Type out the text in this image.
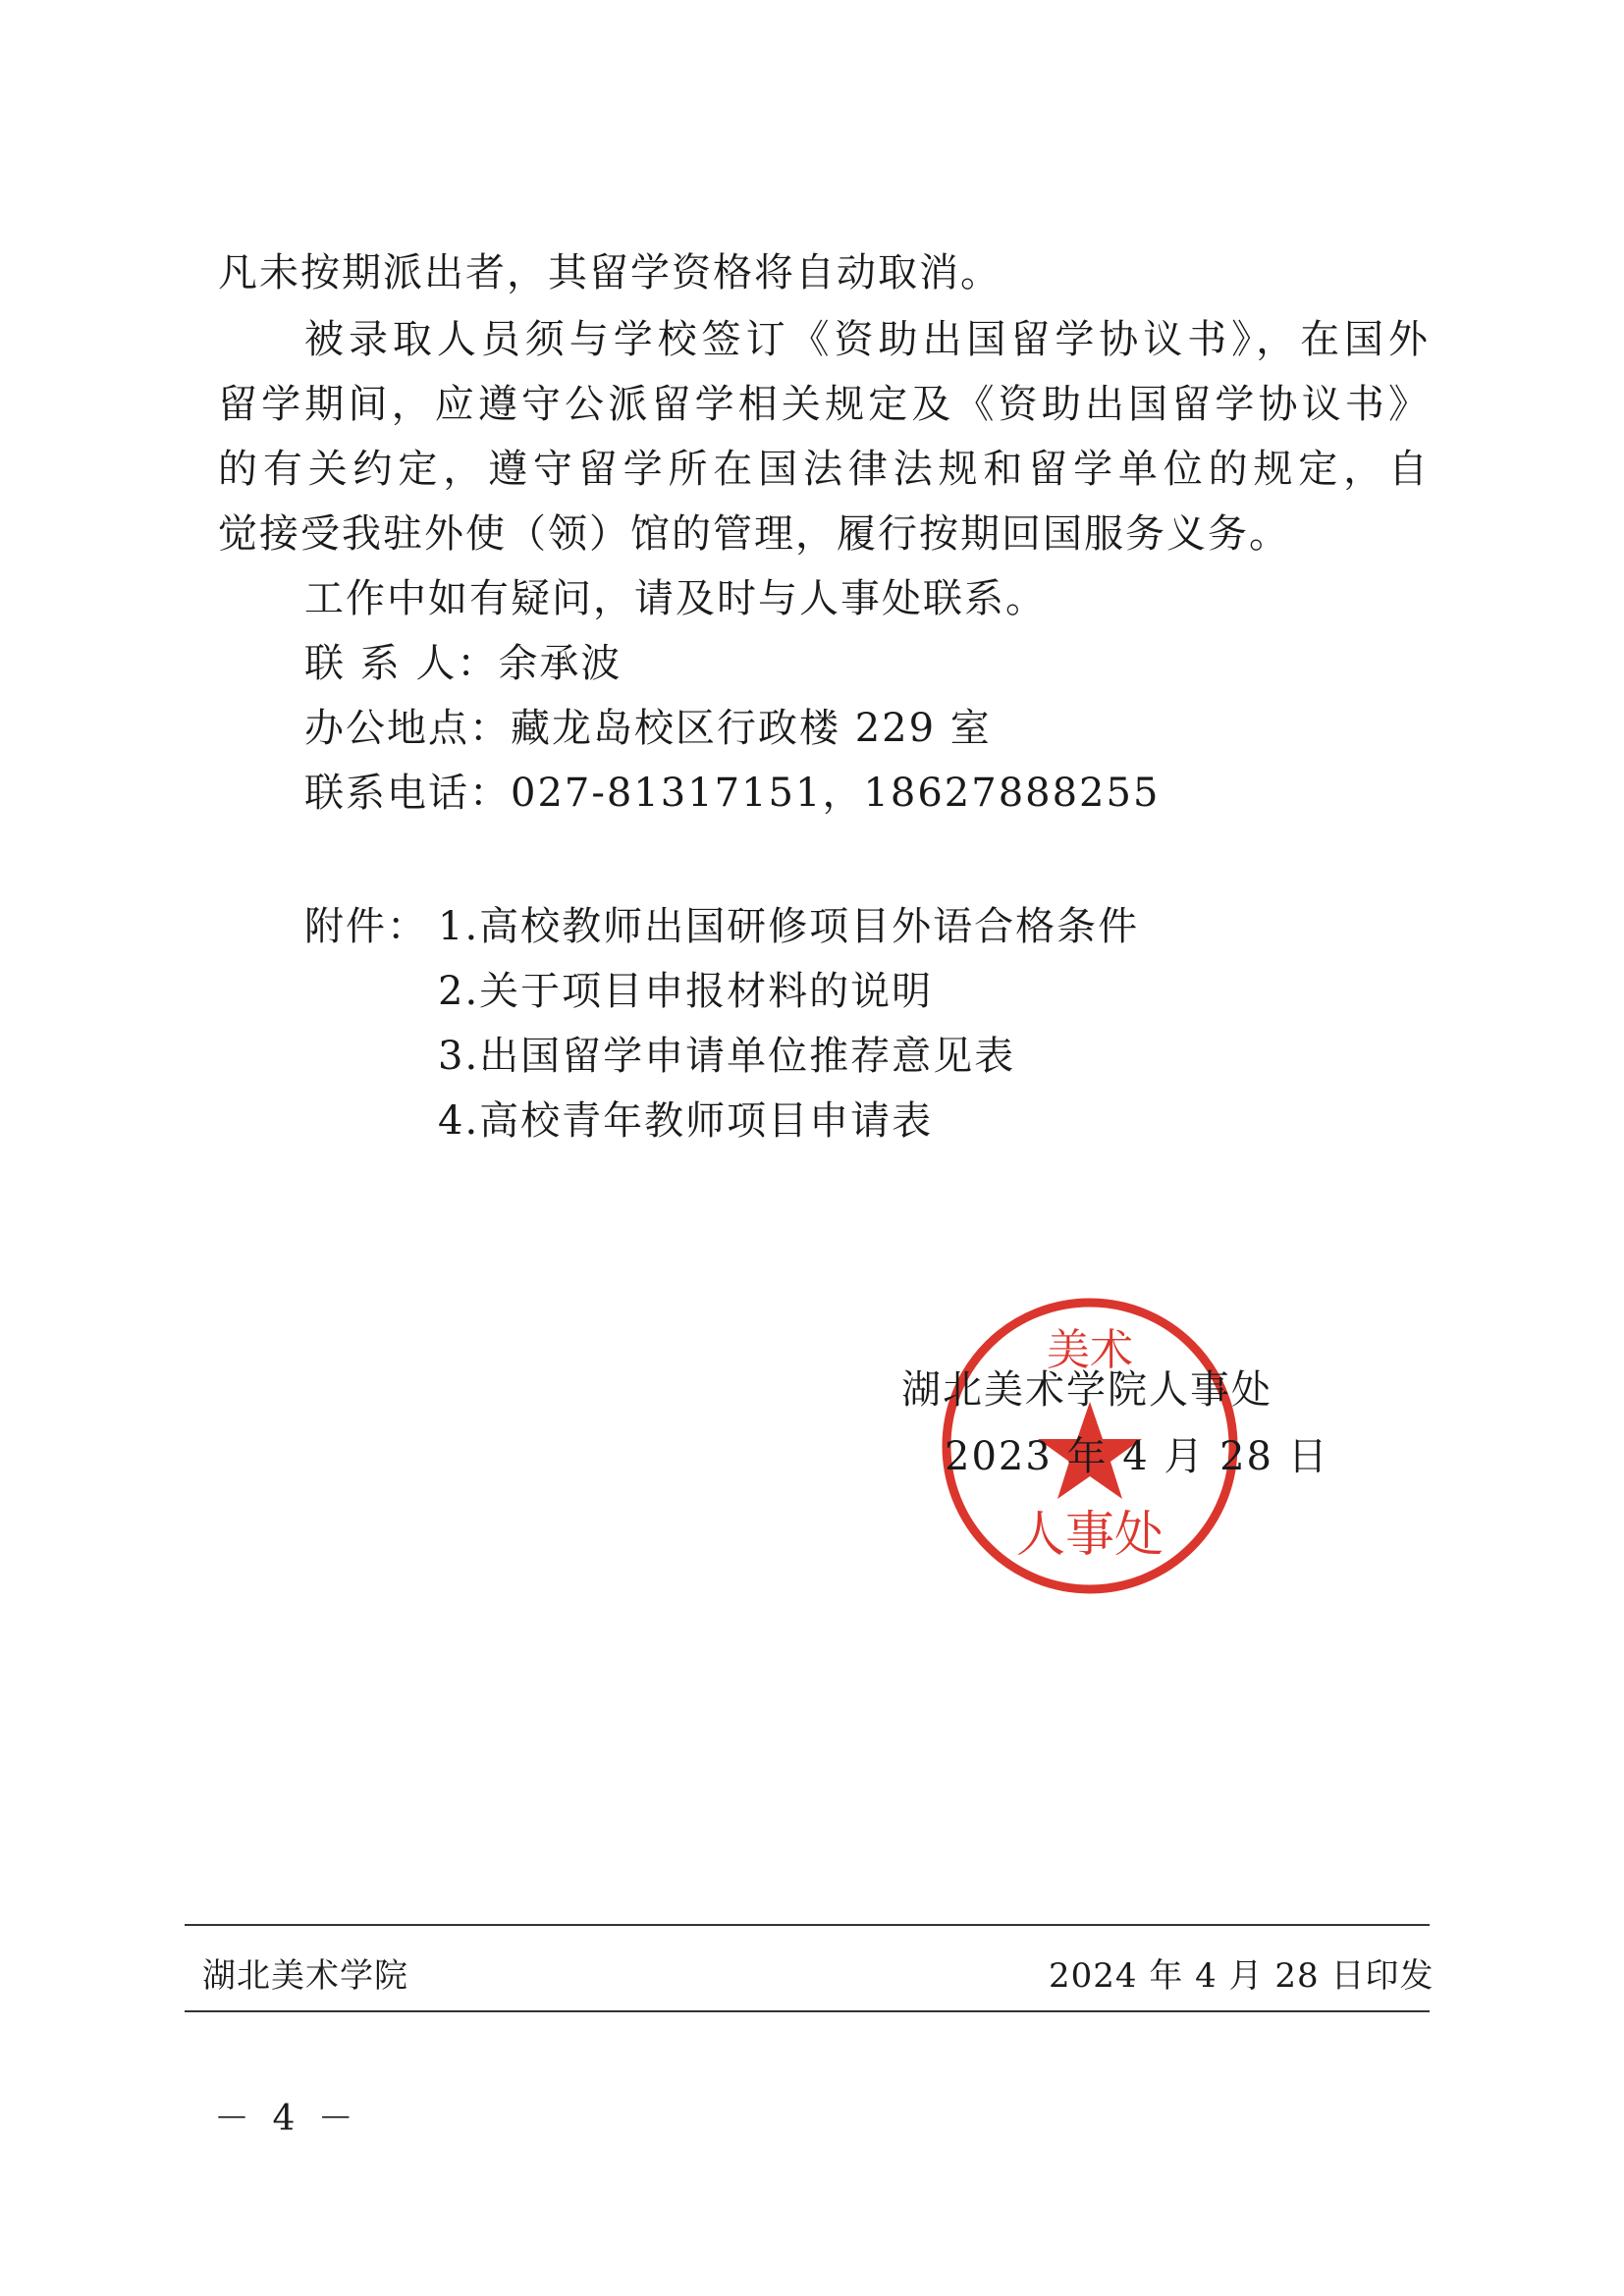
凡未按期派出者，其留学资格将自动取消。
被录取人员须与学校签订《资助出国留学协议书》，在国外
留学期间，应遵守公派留学相关规定及《资助出国留学协议书》
的有关约定，遵守留学所在国法律法规和留学单位的规定，自
觉接受我驻外使（领）馆的管理，履行按期回国服务义务。
工作中如有疑问，请及时与人事处联系。
联 系 人：余承波
办公地点：藏龙岛校区行政楼 229 室
联系电话：027-81317151，18627888255
附件： 1.高校教师出国研修项目外语合格条件
2.关于项目申报材料的说明
3.出国留学申请单位推荐意见表
4.高校青年教师项目申请表
美术
人事处
湖北美术学院人事处
2023 年 4 月 28 日
湖北美术学院	2024 年 4 月 28 日印发
－ 4 －
